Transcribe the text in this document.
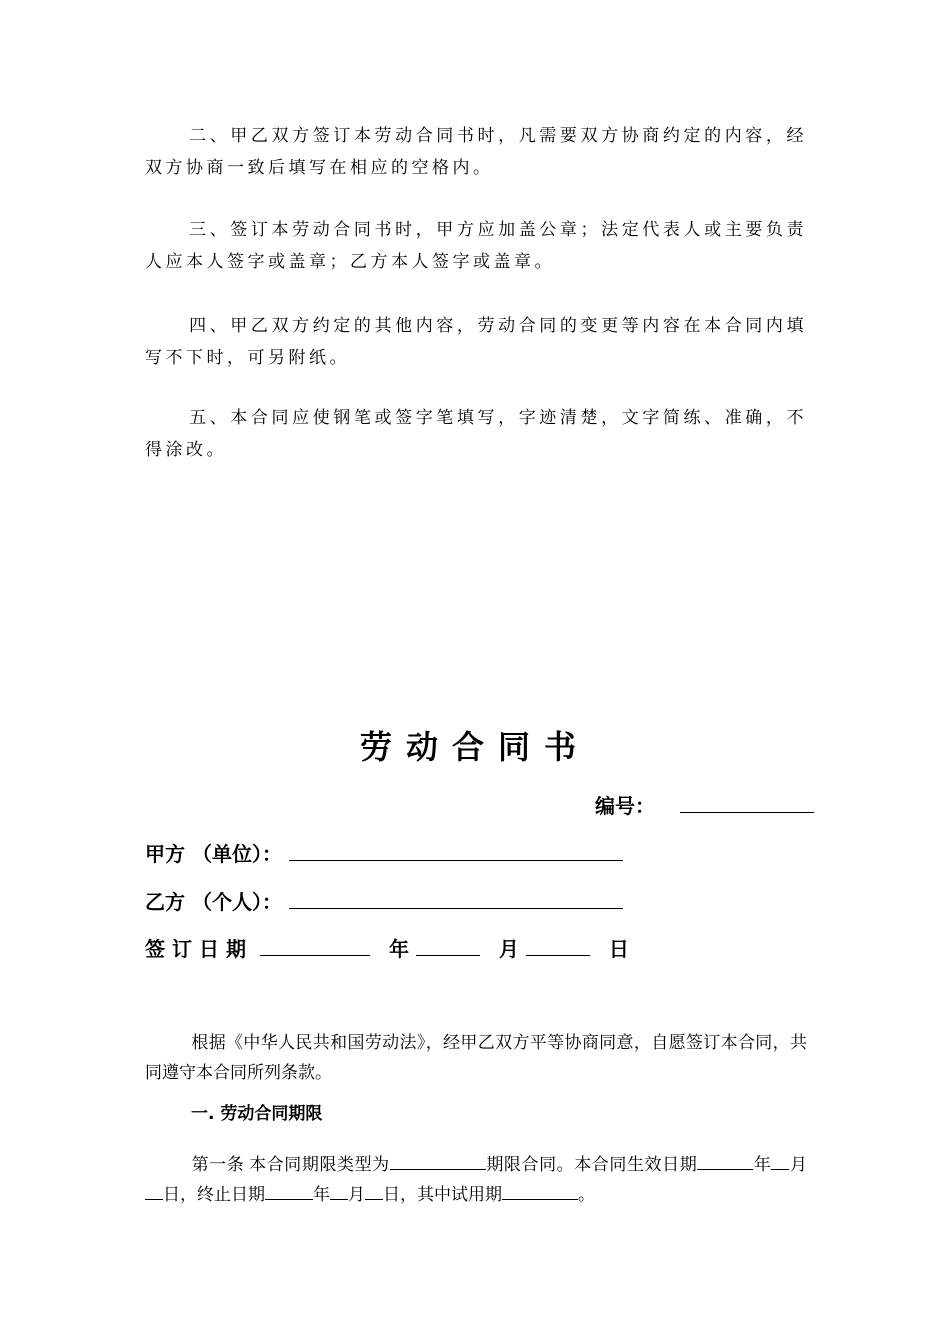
二、甲乙双方签订本劳动合同书时，凡需要双方协商约定的内容，经双方协商一致后填写在相应的空格内。

三、签订本劳动合同书时，甲方应加盖公章；法定代表人或主要负责人应本人签字或盖章；乙方本人签字或盖章。

四、甲乙双方约定的其他内容，劳动合同的变更等内容在本合同内填写不下时，可另附纸。

五、本合同应使钢笔或签字笔填写，字迹清楚，文字简练、准确，不得涂改。

劳动合同书
编号：
甲方 （单位）：
乙方 （个人）：
签订日期	年	月	日

根据《中华人民共和国劳动法》，经甲乙双方平等协商同意，自愿签订本合同，共同遵守本合同所列条款。

一. 劳动合同期限

第一条 本合同期限类型为	期限合同。本合同生效日期	年 月日，终止日期	年 月 日，其中试用期	。
